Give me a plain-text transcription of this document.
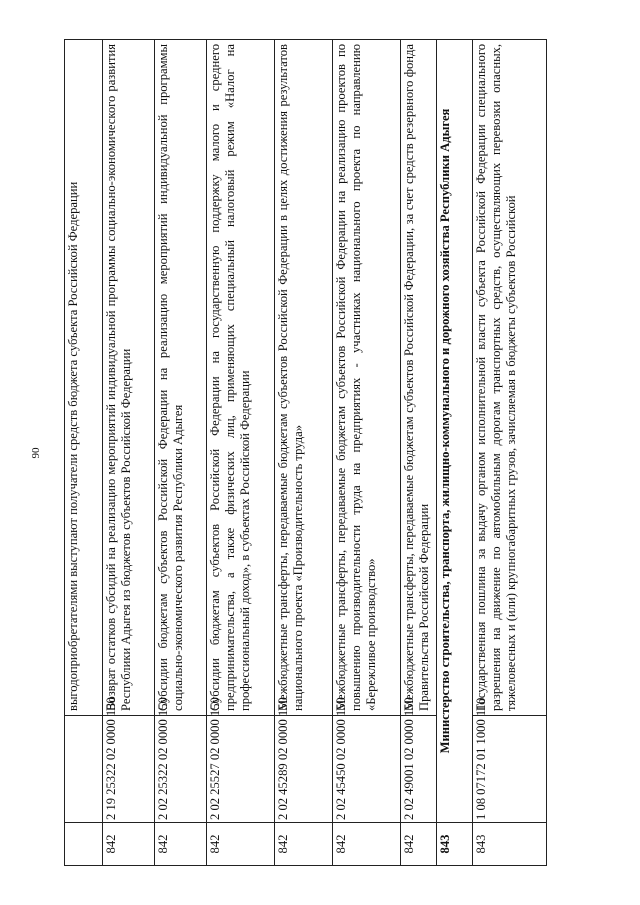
90
		выгодоприобретателями выступают получатели средств бюджета субъекта Российской Федерации
842	2 19 25322 02 0000 150	Возврат остатков субсидий на реализацию мероприятий индивидуальной программы социально-экономического развития Республики Адыгея из бюджетов субъектов Российской Федерации
842	2 02 25322 02 0000 150	Субсидии бюджетам субъектов Российской Федерации на реализацию мероприятий индивидуальной программы социально-экономического развития Республики Адыгея
842	2 02 25527 02 0000 150	Субсидии бюджетам субъектов Российской Федерации на государственную поддержку малого и среднего предпринимательства, а также физических лиц, применяющих специальный налоговый режим «Налог на профессиональный доход», в субъектах Российской Федерации
842	2 02 45289 02 0000 150	Межбюджетные трансферты, передаваемые бюджетам субъектов Российской Федерации в целях достижения результатов национального проекта «Производительность труда»
842	2 02 45450 02 0000 150	Межбюджетные трансферты, передаваемые бюджетам субъектов Российской Федерации на реализацию проектов по повышению производительности труда на предприятиях - участниках национального проекта по направлению «Бережливое производство»
842	2 02 49001 02 0000 150	Межбюджетные трансферты, передаваемые бюджетам субъектов Российской Федерации, за счет средств резервного фонда Правительства Российской Федерации
843	Министерство строительства, транспорта, жилищно-коммунального и дорожного хозяйства Республики Адыгея	
843	1 08 07172 01 1000 110	Государственная пошлина за выдачу органом исполнительной власти субъекта Российской Федерации специального разрешения на движение по автомобильным дорогам транспортных средств, осуществляющих перевозки опасных, тяжеловесных и (или) крупногабаритных грузов, зачисляемая в бюджеты субъектов Российской
